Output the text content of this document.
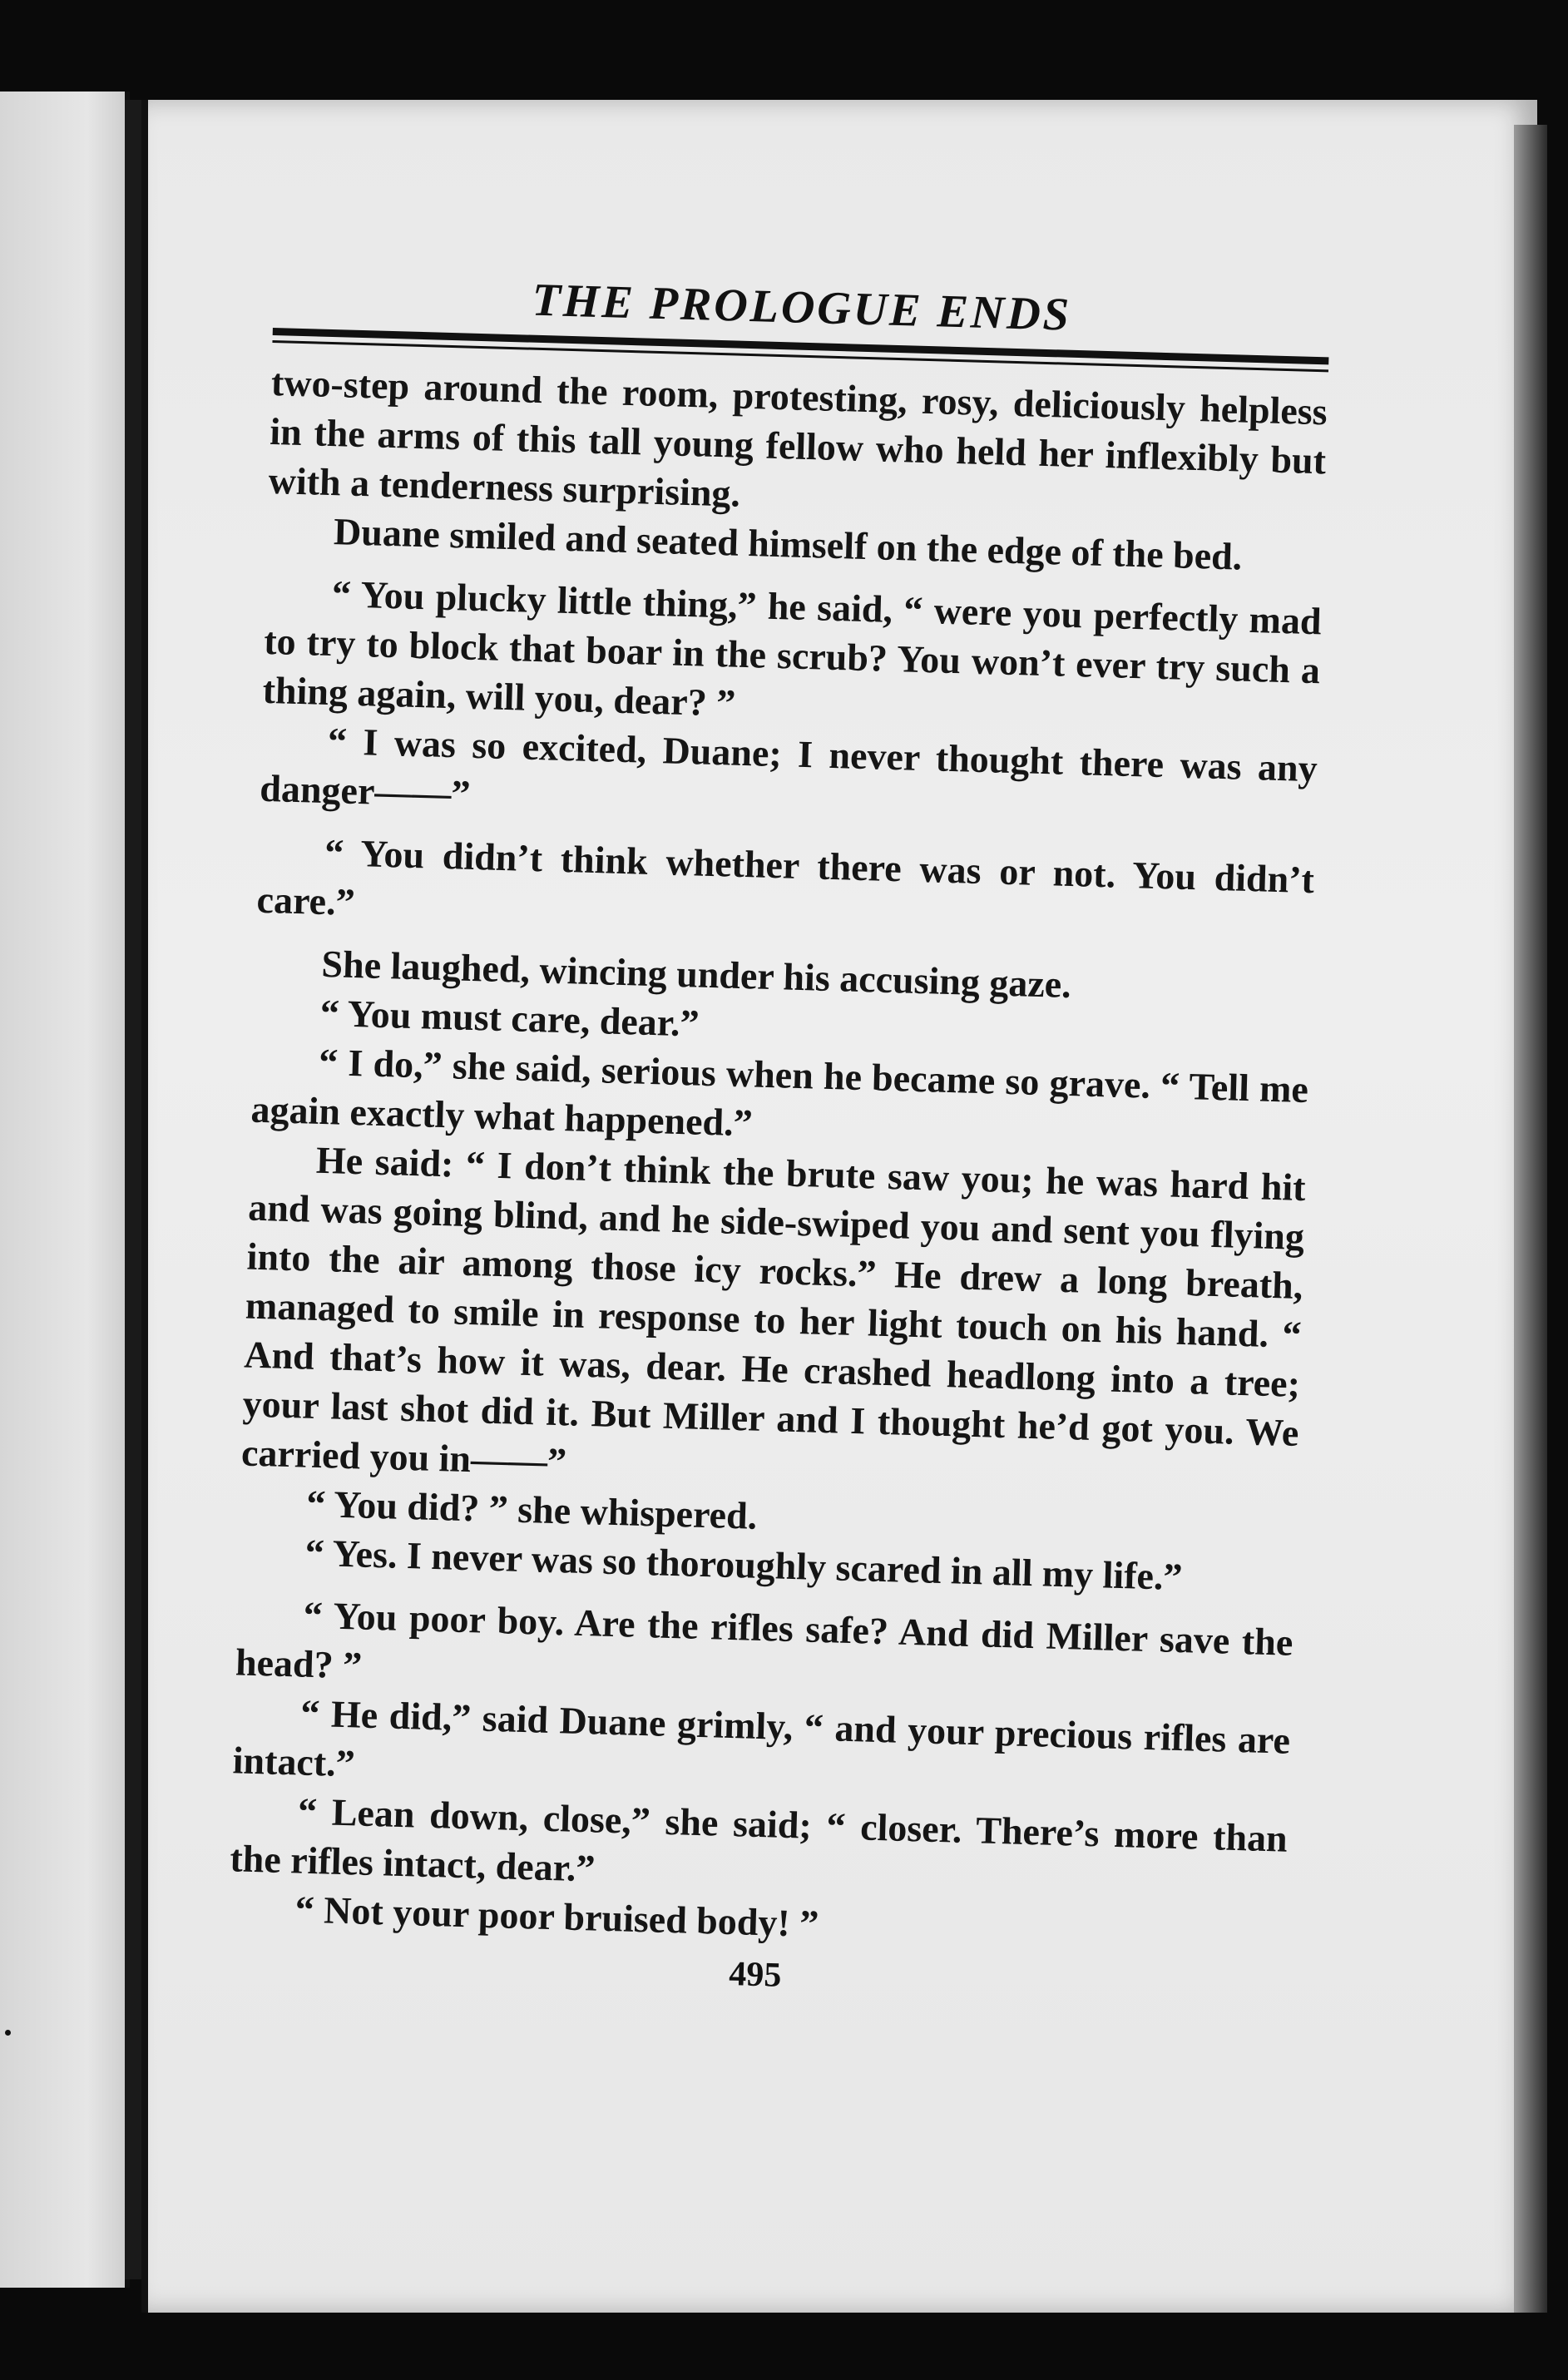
THE PROLOGUE ENDS

two-step around the room, protesting, rosy, deliciously helpless in the arms of this tall young fellow who held her inflexibly but with a tenderness surprising.

Duane smiled and seated himself on the edge of the bed.

“ You plucky little thing,” he said, “ were you perfectly mad to try to block that boar in the scrub? You won’t ever try such a thing again, will you, dear? ”

“ I was so excited, Duane; I never thought there was any danger——”

“ You didn’t think whether there was or not. You didn’t care.”

She laughed, wincing under his accusing gaze.

“ You must care, dear.”

“ I do,” she said, serious when he became so grave. “ Tell me again exactly what happened.”

He said: “ I don’t think the brute saw you; he was hard hit and was going blind, and he side-swiped you and sent you flying into the air among those icy rocks.” He drew a long breath, managed to smile in response to her light touch on his hand. “ And that’s how it was, dear. He crashed headlong into a tree; your last shot did it. But Miller and I thought he’d got you. We carried you in——”

“ You did? ” she whispered.

“ Yes. I never was so thoroughly scared in all my life.”

“ You poor boy. Are the rifles safe? And did Miller save the head? ”

“ He did,” said Duane grimly, “ and your precious rifles are intact.”

“ Lean down, close,” she said; “ closer. There’s more than the rifles intact, dear.”

“ Not your poor bruised body! ”

495
